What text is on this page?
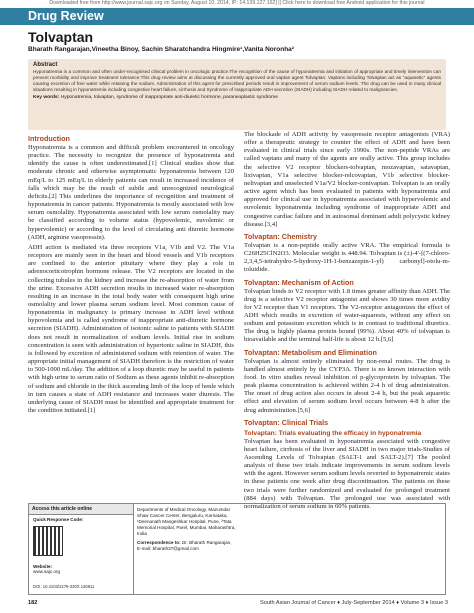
Downloaded free from http://www.journal.sajc.org on Sunday, August 10, 2014, IP: 14.139.127.162] || Click here to download free Android application for this journal
Drug Review
Tolvaptan
Bharath Rangarajan,Vineetha Binoy, Sachin Sharatchandra Hingmire¹,Vanita Noronha²
Abstract
Hyponatremia is a common and often under-recognised clinical problem in oncologic practice.The recognition of the cause of hyponatremia and initiation of appropriate and timely intervention can prevent morbidity and improve treatment tolerance.This drug review aims at discussing the currently approved oral vaptan agent Tolvaptan. Vaptans including Tolvaptan act as "aquaretic" agents causing excretion of free water while retaining the sodium. Administration of this agent for prescribed periods result in improvement of serum sodium levels. The drug can be used in many clinical situations resulting in hyponatremia including congestive heart failure, cirrhosis and Syndrome of inappropriate ADH secretion (SIADH) including SIADH related to malignancies.
Key words: Hyponatremia, tolvaptan, syndrome of inappropriate anti-diuretic hormone, paraneoplastic syndrome
Introduction

Hyponatremia is a common and difficult problem encountered in oncology practice. The necessity to recognize the presence of hyponatremia and identify the cause is often underestimated.[1] Clinical studies show that moderate chronic and otherwise asymptomatic hyponatremia between 120 mEq/L to 125 mEq/L in elderly patients can result in increased incidence of falls which may be the result of subtle and unrecognized neurological deficits.[2] This underlines the importance of recognition and treatment of hyponatremia in cancer patients. Hyponatremia is mostly associated with low serum osmolality. Hyponatremia associated with low serum osmolality may be classified according to volume status (hypovolemic, euvolemic or hypervolemic) or according to the level of circulating anti diuretic hormone (ADH, arginine vasopressin).

ADH action is mediated via three receptors V1a, V1b and V2. The V1a receptors are mainly seen in the heart and blood vessels and V1b receptors are confined to the anterior pituitary where they play a role in adrenocorticotrophin hormone release. The V2 receptors are located in the collecting tubules in the kidney and increase the re-absorption of water from the urine. Excessive ADH secretion results in increased water re-absorption resulting in an increase in the total body water with consequent high urine osmolality and lower plasma serum sodium level. Most common cause of hyponatremia in malignancy is primary increase in ADH level without hypovolemia and is called syndrome of inappropriate anti-diuretic hormone secretion (SIADH). Administration of isotonic saline to patients with SIADH does not result in normalization of sodium levels. Initial rise in sodium concentration is seen with administration of hypertonic saline in SIADH, this is followed by excretion of administered sodium with retention of water. The appropriate initial management of SIADH therefore is the restriction of water to 500-1000 mL/day. The addition of a loop diuretic may be useful in patients with high urine to serum ratio of Sodium as these agents inhibit re-absorption of sodium and chloride in the thick ascending limb of the loop of henle which in turn causes a state of ADH resistance and increases water diuresis. The underlying cause of SIADH must be identified and appropriate treatment for the condition initiated.[1]

The blockade of ADH activity by vasopressin receptor antagonists (VRA) offer a therapeutic strategy to counter the effect of ADH and have been evaluated in clinical trials since early 1990s. The non-peptide VRAs are called vaptans and many of the agents are orally active. This group includes the selective V2 receptor blockers-tolvaptan, mozavaptan, satavaptan, lixivaptan, V1a selective blocker-relcovaptan, V1b selective blocker-nelivaptan and unselected V1a/V2 blocker-conivaptan. Tolvaptan is an orally active agent which has been evaluated in patients with hyponatremia and approved for clinical use in hyponatremia associated with hypervolemic and euvolemic hyponatremia including syndrome of inappropriate ADH and congestive cardiac failure and in autosomal dominant adult polycystic kidney disease.[3,4]

Tolvaptan: Chemistry

Tolvaptan is a non-peptide orally active VRA. The empirical formula is C26H25ClN2O3. Molecular weight is 448.94. Tolvaptan is (±)-4'-[(7-chloro-2,3,4,5-tetrahydro-5-hydroxy-1H-1-benzazepin-1-yl) carbonyl]-otolu-m-toluidide.

Tolvaptan: Mechanism of Action

Tolvaptan binds to V2 receptor with 1.8 times greater affinity than ADH. The drug is a selective V2 receptor antagonist and shows 30 times more avidity for V2 receptor than V1 receptors. The V2-receptor antagonizes the effect of ADH which results in excretion of water-aquaresis, without any effect on sodium and potassium excretion which is in contrast to traditional diuretics. The drug is highly plasma protein bound (99%). About 40% of tolvaptan is bioavailable and the terminal half-life is about 12 h.[5,6]

Tolvaptan: Metabolism and Elimination

Tolvaptan is almost entirely eliminated by non-renal routes. The drug is handled almost entirely by the CYP3A. There is no known interaction with food. In vitro studies reveal inhibition of p-glycoprotein by tolvaptan. The peak plasma concentration is achieved within 2-4 h of drug administration. The onset of drug action also occurs in about 2-4 h, but the peak aquaretic effect and elevation of serum sodium level occurs between 4-8 h after the drug administration.[5,6]

Tolvaptan: Clinical Trials
Tolvaptan: Trials evaluating the efficacy in hyponatremia

Tolvaptan has been evaluated in hyponatremia associated with congestive heart failure, cirrhosis of the liver and SIADH in two major trials-Studies of Ascending Levels of Tolvaptan (SALT-1 and SALT-2).[7] The pooled analysis of these two trials indicate improvements in serum sodium levels with the agent. However serum sodium levels reverted to hyponatremic states in these patients one week after drug discontinuation. The patients on these two trials were further randomized and evaluated for prolonged treatment (884 days) with Tolvaptan. The prolonged use was associated with normalization of serum sodium in 60% patients.

Access this article online
Quick Response Code:
Website:
www.sajc.org
DOI: 10.4103/2278-330X.136811
Departments of Medical Oncology, Mazumdar Shaw Cancer Center, Bengaluru, Karnataka, ¹Deenanath Mangeshkar Hospital, Pune, ²Tata Memorial Hospital, Parel, Mumbai, Maharashtra, India
Correspondence to: Dr. Bharath Rangarajan,
E-mail: bharath37@gmail.com
182	South Asian Journal of Cancer ♦ July-September 2014 ♦ Volume 3 ♦ Issue 3
